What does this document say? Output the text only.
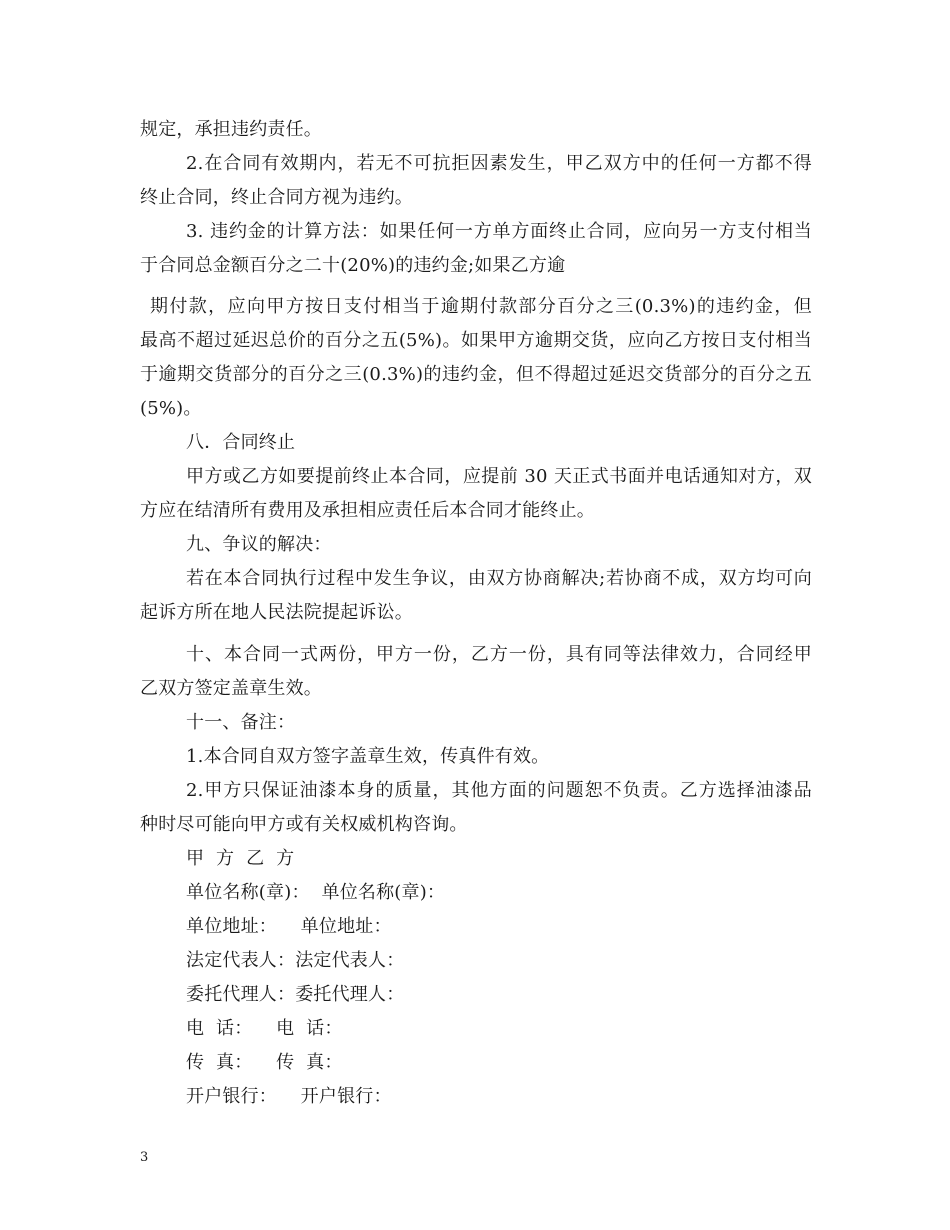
规定，承担违约责任。
2.在合同有效期内，若无不可抗拒因素发生，甲乙双方中的任何一方都不得
终止合同，终止合同方视为违约。
3. 违约金的计算方法：如果任何一方单方面终止合同，应向另一方支付相当
于合同总金额百分之二十(20%)的违约金;如果乙方逾
期付款，应向甲方按日支付相当于逾期付款部分百分之三(0.3%)的违约金，但
最高不超过延迟总价的百分之五(5%)。如果甲方逾期交货，应向乙方按日支付相当
于逾期交货部分的百分之三(0.3%)的违约金，但不得超过延迟交货部分的百分之五
(5%)。
八．合同终止
甲方或乙方如要提前终止本合同，应提前 30 天正式书面并电话通知对方，双
方应在结清所有费用及承担相应责任后本合同才能终止。
九、争议的解决：
若在本合同执行过程中发生争议，由双方协商解决;若协商不成，双方均可向
起诉方所在地人民法院提起诉讼。
十、本合同一式两份，甲方一份，乙方一份，具有同等法律效力，合同经甲
乙双方签定盖章生效。
十一、备注：
1.本合同自双方签字盖章生效，传真件有效。
2.甲方只保证油漆本身的质量，其他方面的问题恕不负责。乙方选择油漆品
种时尽可能向甲方或有关权威机构咨询。
甲  方  乙  方
单位名称(章)：  单位名称(章)：
单位地址：    单位地址：
法定代表人：法定代表人：
委托代理人：委托代理人：
电  话：    电  话：
传  真：    传  真：
开户银行：    开户银行：
3
